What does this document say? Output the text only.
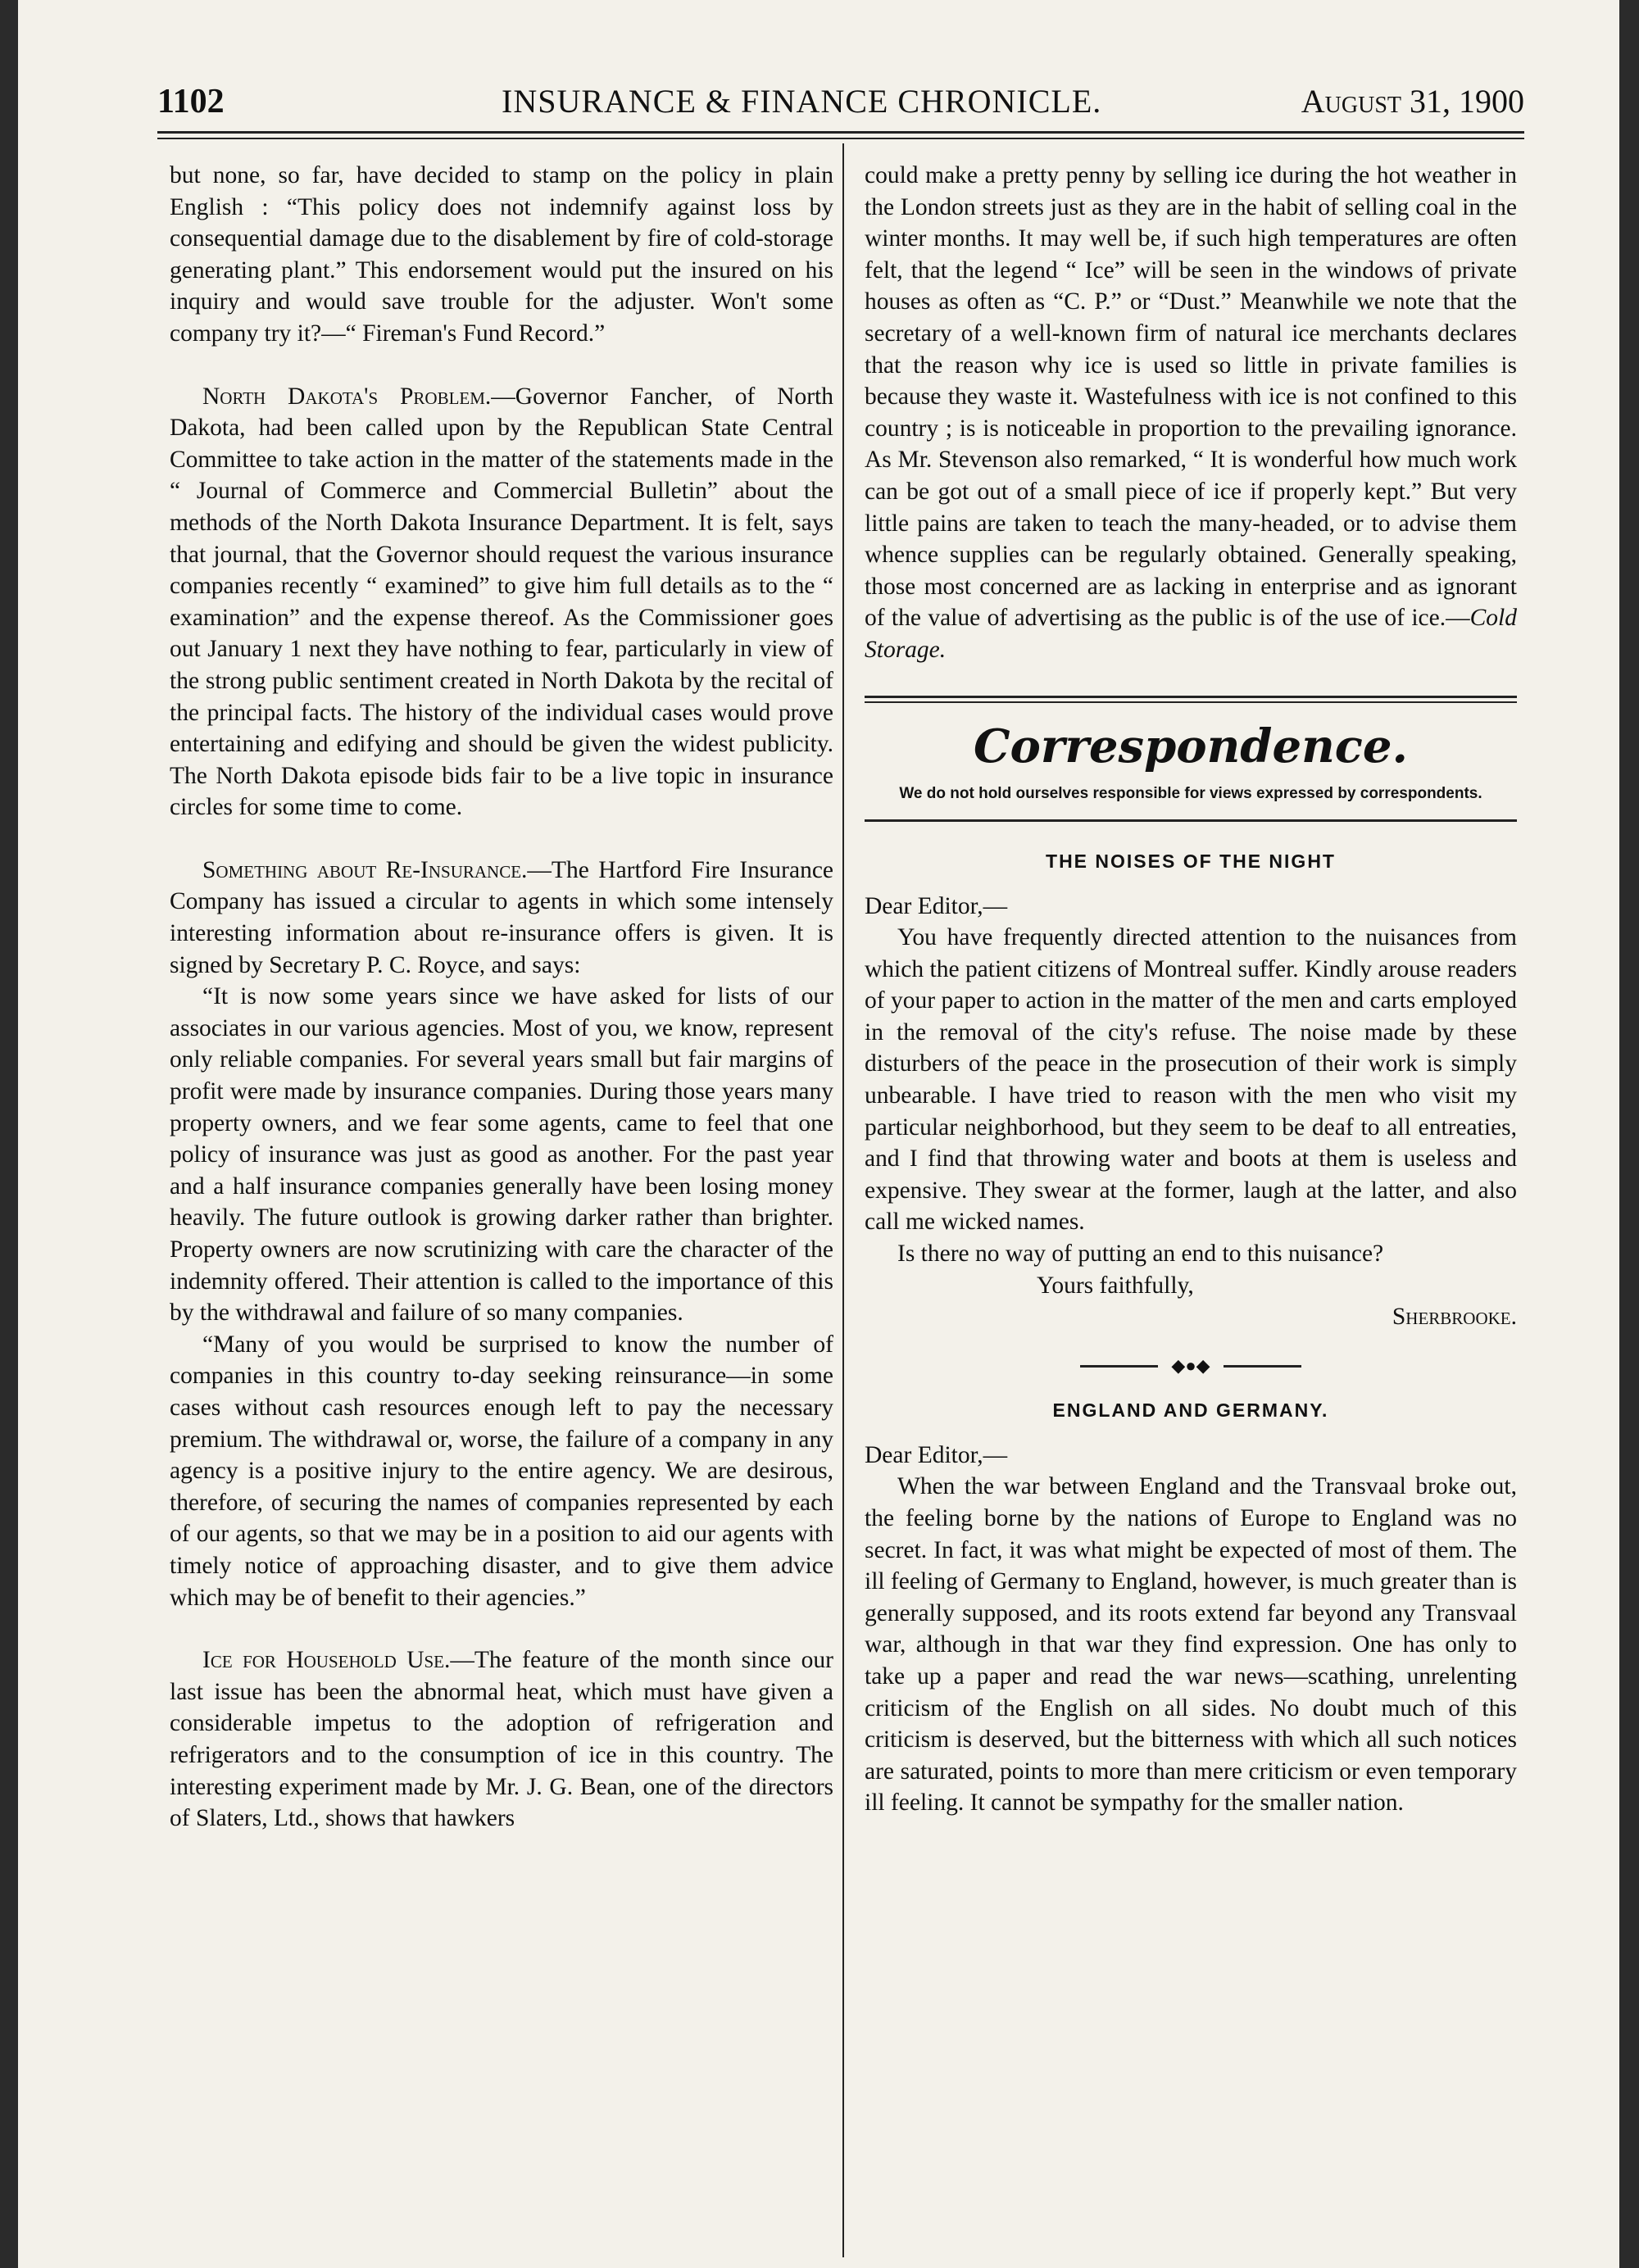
1102	INSURANCE & FINANCE CHRONICLE.	August 31, 1900

but none, so far, have decided to stamp on the policy in plain English : “This policy does not indemnify against loss by consequential damage due to the disablement by fire of cold-storage generating plant.” This endorsement would put the insured on his inquiry and would save trouble for the adjuster. Won't some company try it?—“ Fireman's Fund Record.”

North Dakota's Problem.—Governor Fancher, of North Dakota, had been called upon by the Republican State Central Committee to take action in the matter of the statements made in the “ Journal of Commerce and Commercial Bulletin” about the methods of the North Dakota Insurance Department. It is felt, says that journal, that the Governor should request the various insurance companies recently “ examined” to give him full details as to the “ examination” and the expense thereof. As the Commissioner goes out January 1 next they have nothing to fear, particularly in view of the strong public sentiment created in North Dakota by the recital of the principal facts. The history of the individual cases would prove entertaining and edifying and should be given the widest publicity. The North Dakota episode bids fair to be a live topic in insurance circles for some time to come.

Something about Re-Insurance.—The Hartford Fire Insurance Company has issued a circular to agents in which some intensely interesting information about re-insurance offers is given. It is signed by Secretary P. C. Royce, and says:

“It is now some years since we have asked for lists of our associates in our various agencies. Most of you, we know, represent only reliable companies. For several years small but fair margins of profit were made by insurance companies. During those years many property owners, and we fear some agents, came to feel that one policy of insurance was just as good as another. For the past year and a half insurance companies generally have been losing money heavily. The future outlook is growing darker rather than brighter. Property owners are now scrutinizing with care the character of the indemnity offered. Their attention is called to the importance of this by the withdrawal and failure of so many companies.

“Many of you would be surprised to know the number of companies in this country to-day seeking reinsurance—in some cases without cash resources enough left to pay the necessary premium. The withdrawal or, worse, the failure of a company in any agency is a positive injury to the entire agency. We are desirous, therefore, of securing the names of companies represented by each of our agents, so that we may be in a position to aid our agents with timely notice of approaching disaster, and to give them advice which may be of benefit to their agencies.”

Ice for Household Use.—The feature of the month since our last issue has been the abnormal heat, which must have given a considerable impetus to the adoption of refrigeration and refrigerators and to the consumption of ice in this country. The interesting experiment made by Mr. J. G. Bean, one of the directors of Slaters, Ltd., shows that hawkers

could make a pretty penny by selling ice during the hot weather in the London streets just as they are in the habit of selling coal in the winter months. It may well be, if such high temperatures are often felt, that the legend “ Ice” will be seen in the windows of private houses as often as “C. P.” or “Dust.” Meanwhile we note that the secretary of a well-known firm of natural ice merchants declares that the reason why ice is used so little in private families is because they waste it. Wastefulness with ice is not confined to this country ; is is noticeable in proportion to the prevailing ignorance. As Mr. Stevenson also remarked, “ It is wonderful how much work can be got out of a small piece of ice if properly kept.” But very little pains are taken to teach the many-headed, or to advise them whence supplies can be regularly obtained. Generally speaking, those most concerned are as lacking in enterprise and as ignorant of the value of advertising as the public is of the use of ice.—Cold Storage.

Correspondence.
We do not hold ourselves responsible for views expressed by correspondents.
THE NOISES OF THE NIGHT

Dear Editor,—

You have frequently directed attention to the nuisances from which the patient citizens of Montreal suffer. Kindly arouse readers of your paper to action in the matter of the men and carts employed in the removal of the city's refuse. The noise made by these disturbers of the peace in the prosecution of their work is simply unbearable. I have tried to reason with the men who visit my particular neighborhood, but they seem to be deaf to all entreaties, and I find that throwing water and boots at them is useless and expensive. They swear at the former, laugh at the latter, and also call me wicked names.

Is there no way of putting an end to this nuisance?

Yours faithfully,

Sherbrooke.

◆●◆
ENGLAND AND GERMANY.

Dear Editor,—

When the war between England and the Transvaal broke out, the feeling borne by the nations of Europe to England was no secret. In fact, it was what might be expected of most of them. The ill feeling of Germany to England, however, is much greater than is generally supposed, and its roots extend far beyond any Transvaal war, although in that war they find expression. One has only to take up a paper and read the war news—scathing, unrelenting criticism of the English on all sides. No doubt much of this criticism is deserved, but the bitterness with which all such notices are saturated, points to more than mere criticism or even temporary ill feeling. It cannot be sympathy for the smaller nation.
